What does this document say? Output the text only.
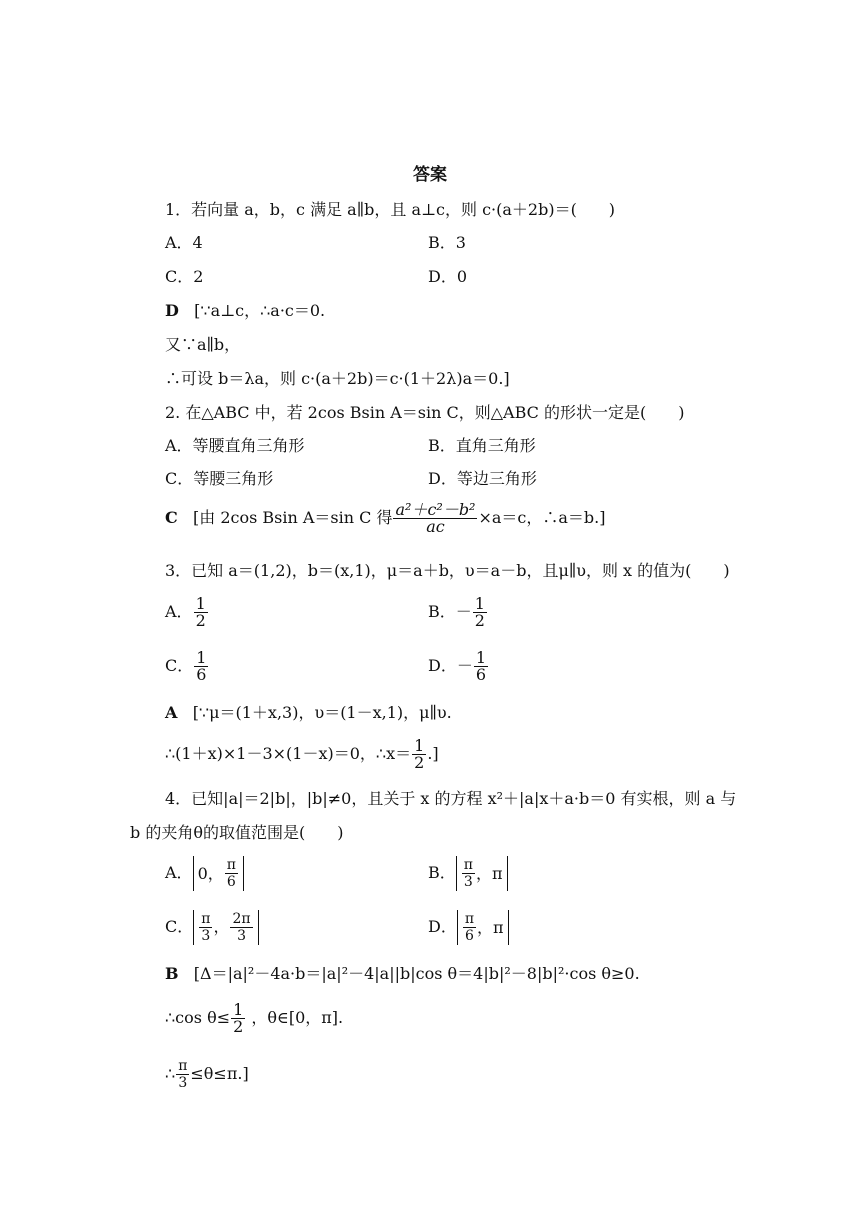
答案
1．若向量 a，b，c 满足 a∥b，且 a⊥c，则 c·(a＋2b)＝(　　)
A．4	B．3
C．2	D．0
D [∵a⊥c，∴a·c＝0.
又∵a∥b，
∴可设 b＝λa，则 c·(a＋2b)＝c·(1＋2λ)a＝0.]
2. 在△ABC 中，若 2cos Bsin A＝sin C，则△ABC 的形状一定是(　　)
A．等腰直角三角形	B．直角三角形
C．等腰三角形	D．等边三角形
C [由 2cos Bsin A＝sin C 得 $\frac{\text{a²＋c²－b²}}{ac} \times a=c$，∴a＝b.]
3．已知 a＝(1,2)，b＝(x,1)，μ＝a＋b，υ＝a－b，且μ∥υ，则 x 的值为(　　)
A． $\frac{1}{2}$	B．－ $\frac{1}{2}$
C． $\frac{1}{6}$	D．－ $\frac{1}{6}$
A [∵μ＝(1＋x,3)，υ＝(1－x,1)，μ∥υ.
∴(1＋x)×1－3×(1－x)＝0，∴x＝ $\frac{1}{2}$ .]
4．已知|a|＝2|b|，|b|≠0，且关于 x 的方程 x²＋|a|x＋a·b＝0 有实根，则 a 与
b 的夹角θ的取值范围是(　　)
A． 0， $\frac{\pi}{6}$	B． $\frac{\pi}{3}$ ，π
C． $\frac{\pi}{3}$ ， $\frac{2\pi}{3}$	D． $\frac{\pi}{6}$ ，π
B [Δ＝|a|²－4a·b＝|a|²－4|a||b|cos θ＝4|b|²－8|b|²·cos θ≥0.
∴cos $\theta\le \frac{1}{2}$ ，θ∈[0，π].
∴ $\frac{\pi}{3} \le\theta\le\pi$.]
